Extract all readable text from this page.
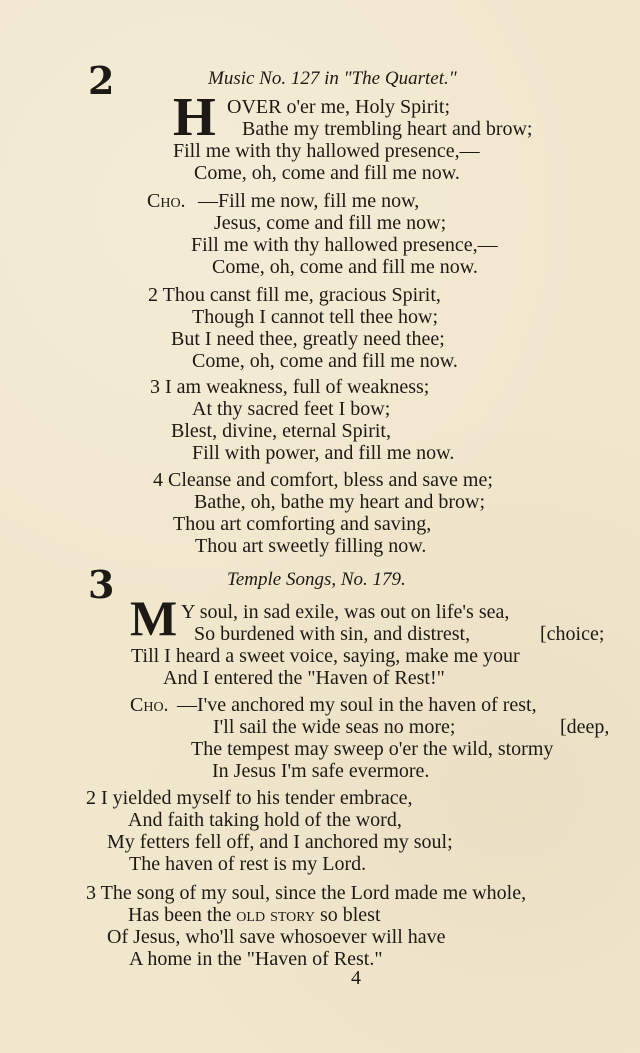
2	Music No. 127 in "The Quartet."
H OVER o'er me, Holy Spirit;
Bathe my trembling heart and brow;
Fill me with thy hallowed presence,—
Come, oh, come and fill me now.
Cho. —Fill me now, fill me now,
Jesus, come and fill me now;
Fill me with thy hallowed presence,—
Come, oh, come and fill me now.
2 Thou canst fill me, gracious Spirit,
Though I cannot tell thee how;
But I need thee, greatly need thee;
Come, oh, come and fill me now.
3 I am weakness, full of weakness;
At thy sacred feet I bow;
Blest, divine, eternal Spirit,
Fill with power, and fill me now.
4 Cleanse and comfort, bless and save me;
Bathe, oh, bathe my heart and brow;
Thou art comforting and saving,
Thou art sweetly filling now.
3	Temple Songs, No. 179.
M Y soul, in sad exile, was out on life's sea,
So burdened with sin, and distrest,	[choice;
Till I heard a sweet voice, saying, make me your
And I entered the "Haven of Rest!"
Cho. —I've anchored my soul in the haven of rest,
I'll sail the wide seas no more;	[deep,
The tempest may sweep o'er the wild, stormy
In Jesus I'm safe evermore.
2 I yielded myself to his tender embrace,
And faith taking hold of the word,
My fetters fell off, and I anchored my soul;
The haven of rest is my Lord.
3 The song of my soul, since the Lord made me whole,
Has been the old story so blest
Of Jesus, who'll save whosoever will have
A home in the "Haven of Rest."
4
